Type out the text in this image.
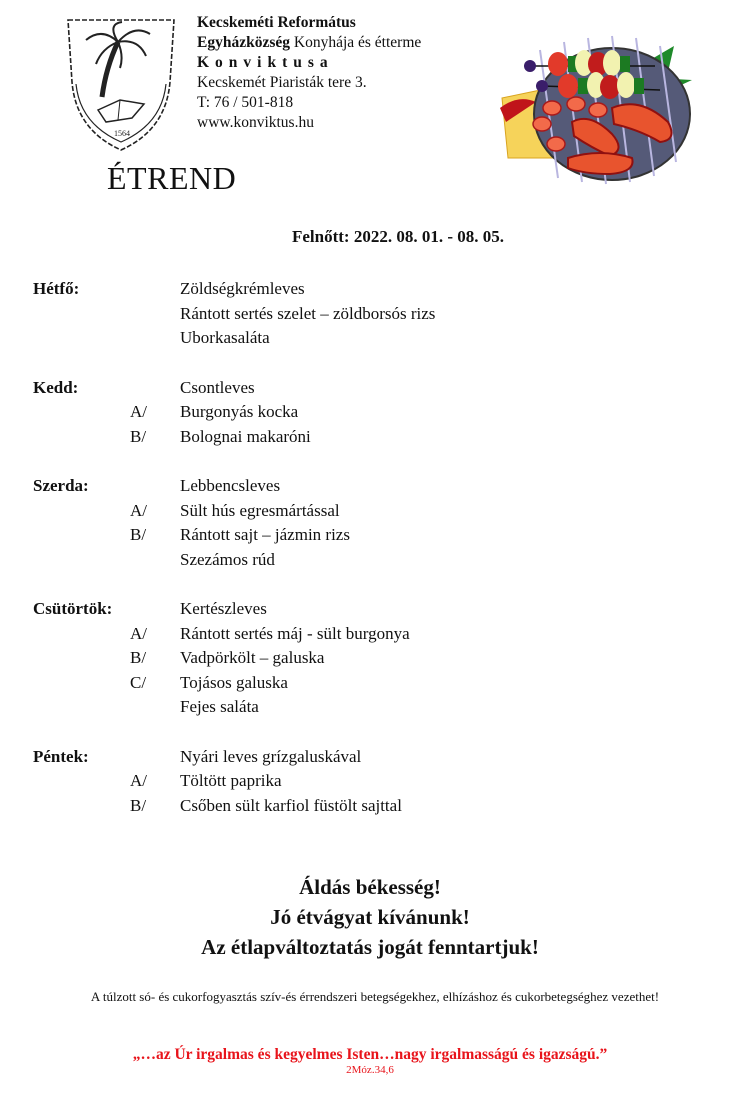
1564
Kecskeméti Református
Egyházközség Konyhája és étterme
Konviktusa
Kecskemét Piaristák tere 3.
T: 76 / 501-818
www.konviktus.hu
ÉTREND
Felnőtt: 2022. 08. 01. - 08. 05.
Hétfő:	Zöldségkrémleves
Rántott sertés szelet – zöldborsós rizs
Uborkasaláta
Kedd:	Csontleves
A/ Burgonyás kocka
B/ Bolognai makaróni
Szerda:	Lebbencsleves
A/ Sült hús egresmártással
B/ Rántott sajt – jázmin rizs
Szezámos rúd
Csütörtök:	Kertészleves
A/ Rántott sertés máj - sült burgonya
B/ Vadpörkölt – galuska
C/ Tojásos galuska
Fejes saláta
Péntek:	Nyári leves grízgaluskával
A/ Töltött paprika
B/ Csőben sült karfiol füstölt sajttal
Áldás békesség!
Jó étvágyat kívánunk!
Az étlapváltoztatás jogát fenntartjuk!
A túlzott só- és cukorfogyasztás szív-és érrendszeri betegségekhez, elhízáshoz és cukorbetegséghez vezethet!
„…az Úr irgalmas és kegyelmes Isten…nagy irgalmasságú és igazságú.”
2Móz.34,6
